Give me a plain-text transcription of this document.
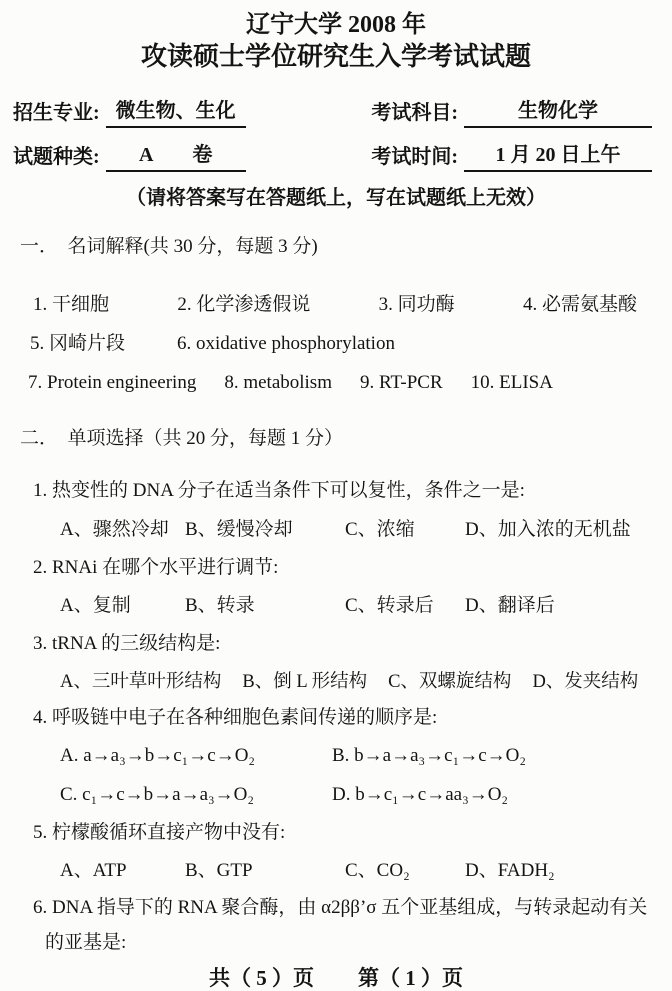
辽宁大学 2008 年
攻读硕士学位研究生入学考试试题
招生专业: 微生物、生化	考试科目:	生物化学
试题种类:	A　　卷	考试时间:	1 月 20 日上午
（请将答案写在答题纸上，写在试题纸上无效）
一．　名词解释(共 30 分，每题 3 分)
1. 干细胞	2. 化学渗透假说	3. 同功酶	4. 必需氨基酸
5. 冈崎片段	6. oxidative phosphorylation
7. Protein engineering 8. metabolism 9. RT-PCR 10. ELISA
二．　单项选择（共 20 分，每题 1 分）
1. 热变性的 DNA 分子在适当条件下可以复性，条件之一是:
A、骤然冷却 B、缓慢冷却	C、浓缩	D、加入浓的无机盐
2. RNAi 在哪个水平进行调节:
A、复制	B、转录	C、转录后	D、翻译后
3. tRNA 的三级结构是:
A、三叶草叶形结构 B、倒 L 形结构 C、双螺旋结构 D、发夹结构
4. 呼吸链中电子在各种细胞色素间传递的顺序是:
A. a→a₃→b→c₁→c→O₂	B. b→a→a₃→c₁→c→O₂
C. c₁→c→b→a→a₃→O₂	D. b→c₁→c→aa₃→O₂
5. 柠檬酸循环直接产物中没有:
A、ATP	B、GTP	C、CO₂	D、FADH₂
6. DNA 指导下的 RNA 聚合酶，由 α2ββ’σ 五个亚基组成，与转录起动有关
的亚基是:
共（ 5 ）页 第（ 1 ）页
